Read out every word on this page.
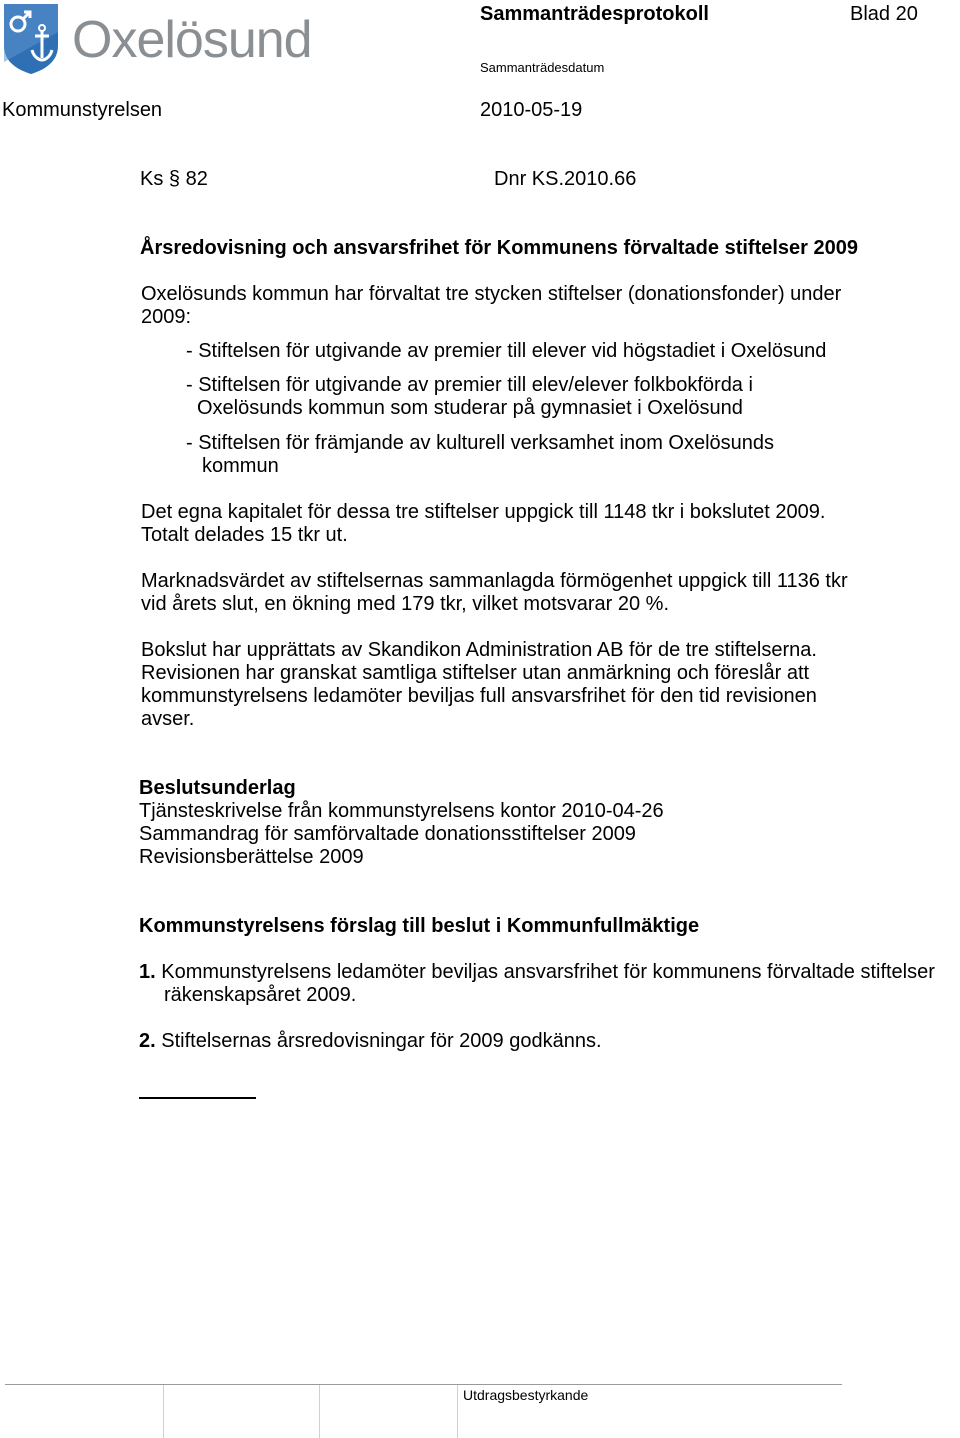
Oxelösund	Sammanträdesprotokoll	Blad 20
Sammanträdesdatum
Kommunstyrelsen	2010-05-19
Ks § 82	Dnr KS.2010.66
Årsredovisning och ansvarsfrihet för Kommunens förvaltade stiftelser 2009
Oxelösunds kommun har förvaltat tre stycken stiftelser (donationsfonder) under
2009:
- Stiftelsen för utgivande av premier till elever vid högstadiet i Oxelösund
- Stiftelsen för utgivande av premier till elev/elever folkbokförda i
Oxelösunds kommun som studerar på gymnasiet i Oxelösund
- Stiftelsen för främjande av kulturell verksamhet inom Oxelösunds
kommun
Det egna kapitalet för dessa tre stiftelser uppgick till 1148 tkr i bokslutet 2009.
Totalt delades 15 tkr ut.
Marknadsvärdet av stiftelsernas sammanlagda förmögenhet uppgick till 1136 tkr
vid årets slut, en ökning med 179 tkr, vilket motsvarar 20 %.
Bokslut har upprättats av Skandikon Administration AB för de tre stiftelserna.
Revisionen har granskat samtliga stiftelser utan anmärkning och föreslår att
kommunstyrelsens ledamöter beviljas full ansvarsfrihet för den tid revisionen
avser.
Beslutsunderlag
Tjänsteskrivelse från kommunstyrelsens kontor 2010-04-26
Sammandrag för samförvaltade donationsstiftelser 2009
Revisionsberättelse 2009
Kommunstyrelsens förslag till beslut i Kommunfullmäktige
1. Kommunstyrelsens ledamöter beviljas ansvarsfrihet för kommunens förvaltade stiftelser
räkenskapsåret 2009.
2. Stiftelsernas årsredovisningar för 2009 godkänns.
Utdragsbestyrkande
